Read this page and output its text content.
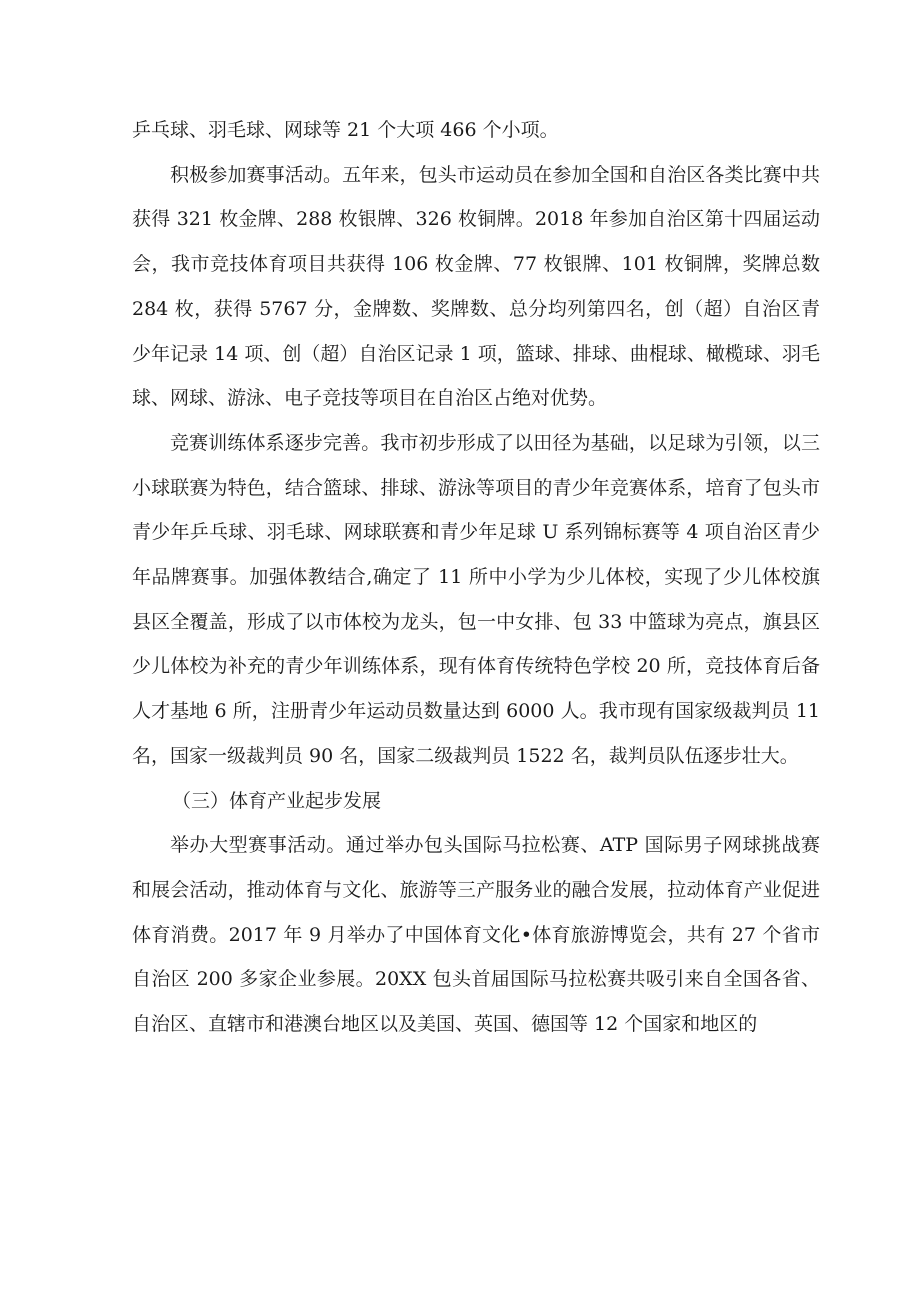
乒乓球、羽毛球、网球等 21 个大项 466 个小项。

积极参加赛事活动。五年来，包头市运动员在参加全国和自治区各类比赛中共获得 321 枚金牌、288 枚银牌、326 枚铜牌。2018 年参加自治区第十四届运动会，我市竞技体育项目共获得 106 枚金牌、77 枚银牌、101 枚铜牌，奖牌总数 284 枚，获得 5767 分，金牌数、奖牌数、总分均列第四名，创（超）自治区青少年记录 14 项、创（超）自治区记录 1 项，篮球、排球、曲棍球、橄榄球、羽毛球、网球、游泳、电子竞技等项目在自治区占绝对优势。

竞赛训练体系逐步完善。我市初步形成了以田径为基础，以足球为引领，以三小球联赛为特色，结合篮球、排球、游泳等项目的青少年竞赛体系，培育了包头市青少年乒乓球、羽毛球、网球联赛和青少年足球 U 系列锦标赛等 4 项自治区青少年品牌赛事。加强体教结合,确定了 11 所中小学为少儿体校，实现了少儿体校旗县区全覆盖，形成了以市体校为龙头，包一中女排、包 33 中篮球为亮点，旗县区少儿体校为补充的青少年训练体系，现有体育传统特色学校 20 所，竞技体育后备人才基地 6 所，注册青少年运动员数量达到 6000 人。我市现有国家级裁判员 11 名，国家一级裁判员 90 名，国家二级裁判员 1522 名，裁判员队伍逐步壮大。

（三）体育产业起步发展

举办大型赛事活动。通过举办包头国际马拉松赛、ATP 国际男子网球挑战赛和展会活动，推动体育与文化、旅游等三产服务业的融合发展，拉动体育产业促进体育消费。2017 年 9 月举办了中国体育文化•体育旅游博览会，共有 27 个省市自治区 200 多家企业参展。20XX 包头首届国际马拉松赛共吸引来自全国各省、自治区、直辖市和港澳台地区以及美国、英国、德国等 12 个国家和地区的
